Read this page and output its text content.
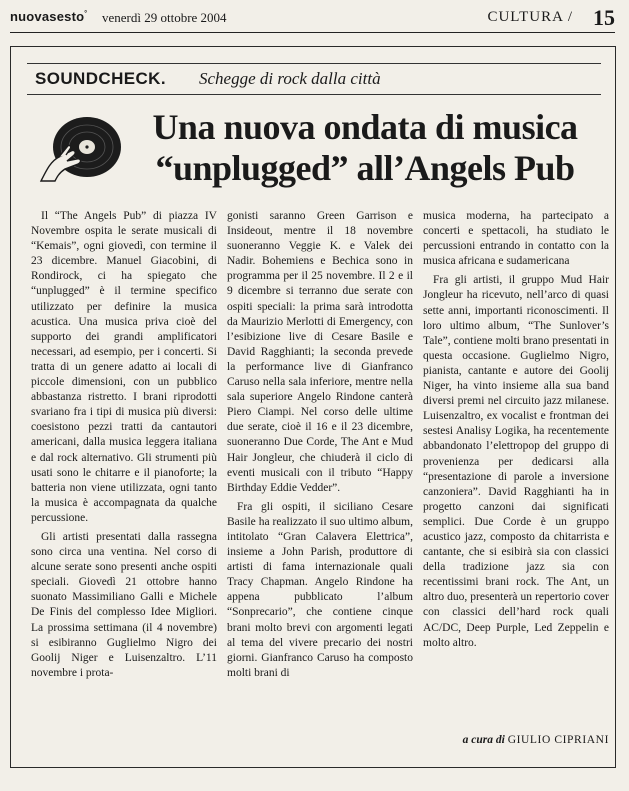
nuovasesto° venerdì 29 ottobre 2004	CULTURA / 15
SOUNDCHECK. Schegge di rock dalla città
Una nuova ondata di musica
“unplugged” all’Angels Pub

Il “The Angels Pub” di piazza IV Novembre ospita le serate musicali di “Kemais”, ogni giovedì, con termine il 23 dicembre. Manuel Giacobini, di Rondirock, ci ha spiegato che “unplugged” è il termine specifico utilizzato per definire la musica acustica. Una musica priva cioè del supporto dei grandi amplificatori necessari, ad esempio, per i concerti. Si tratta di un genere adatto ai locali di piccole dimensioni, con un pubblico abbastanza ristretto. I brani riprodotti svariano fra i tipi di musica più diversi: coesistono pezzi tratti da cantautori americani, dalla musica leggera italiana e dal rock alternativo. Gli strumenti più usati sono le chitarre e il pianoforte; la batteria non viene utilizzata, ogni tanto la musica è accompagnata da qualche percussione.

Gli artisti presentati dalla rassegna sono circa una ventina. Nel corso di alcune serate sono presenti anche ospiti speciali. Giovedì 21 ottobre hanno suonato Massimiliano Galli e Michele De Finis del complesso Idee Migliori. La prossima settimana (il 4 novembre) si esibiranno Guglielmo Nigro dei Goolij Niger e Luisenzaltro. L’11 novembre i prota-

gonisti saranno Green Garrison e Insideout, mentre il 18 novembre suoneranno Veggie K. e Valek dei Nadir. Bohemiens e Bechica sono in programma per il 25 novembre. Il 2 e il 9 dicembre si terranno due serate con ospiti speciali: la prima sarà introdotta da Maurizio Merlotti di Emergency, con l’esibizione live di Cesare Basile e David Ragghianti; la seconda prevede la performance live di Gianfranco Caruso nella sala inferiore, mentre nella sala superiore Angelo Rindone canterà Piero Ciampi. Nel corso delle ultime due serate, cioè il 16 e il 23 dicembre, suoneranno Due Corde, The Ant e Mud Hair Jongleur, che chiuderà il ciclo di eventi musicali con il tributo “Happy Birthday Eddie Vedder”.

Fra gli ospiti, il siciliano Cesare Basile ha realizzato il suo ultimo album, intitolato “Gran Calavera Elettrica”, insieme a John Parish, produttore di artisti di fama internazionale quali Tracy Chapman. Angelo Rindone ha appena pubblicato l’album “Sonprecario”, che contiene cinque brani molto brevi con argomenti legati al tema del vivere precario dei nostri giorni. Gianfranco Caruso ha composto molti brani di

musica moderna, ha partecipato a concerti e spettacoli, ha studiato le percussioni entrando in contatto con la musica africana e sudamericana

Fra gli artisti, il gruppo Mud Hair Jongleur ha ricevuto, nell’arco di quasi sette anni, importanti riconoscimenti. Il loro ultimo album, “The Sunlover’s Tale”, contiene molti brano presentati in questa occasione. Guglielmo Nigro, pianista, cantante e autore dei Goolij Niger, ha vinto insieme alla sua band diversi premi nel circuito jazz milanese. Luisenzaltro, ex vocalist e frontman dei sestesi Analisy Logika, ha recentemente abbandonato l’elettropop del gruppo di provenienza per dedicarsi alla “presentazione di parole a inversione canzoniera”. David Ragghianti ha in progetto canzoni dai significati semplici. Due Corde è un gruppo acustico jazz, composto da chitarrista e cantante, che si esibirà sia con classici della tradizione jazz sia con recentissimi brani rock. The Ant, un altro duo, presenterà un repertorio cover con classici dell’hard rock quali AC/DC, Deep Purple, Led Zeppelin e molto altro.

a cura di GIULIO CIPRIANI
